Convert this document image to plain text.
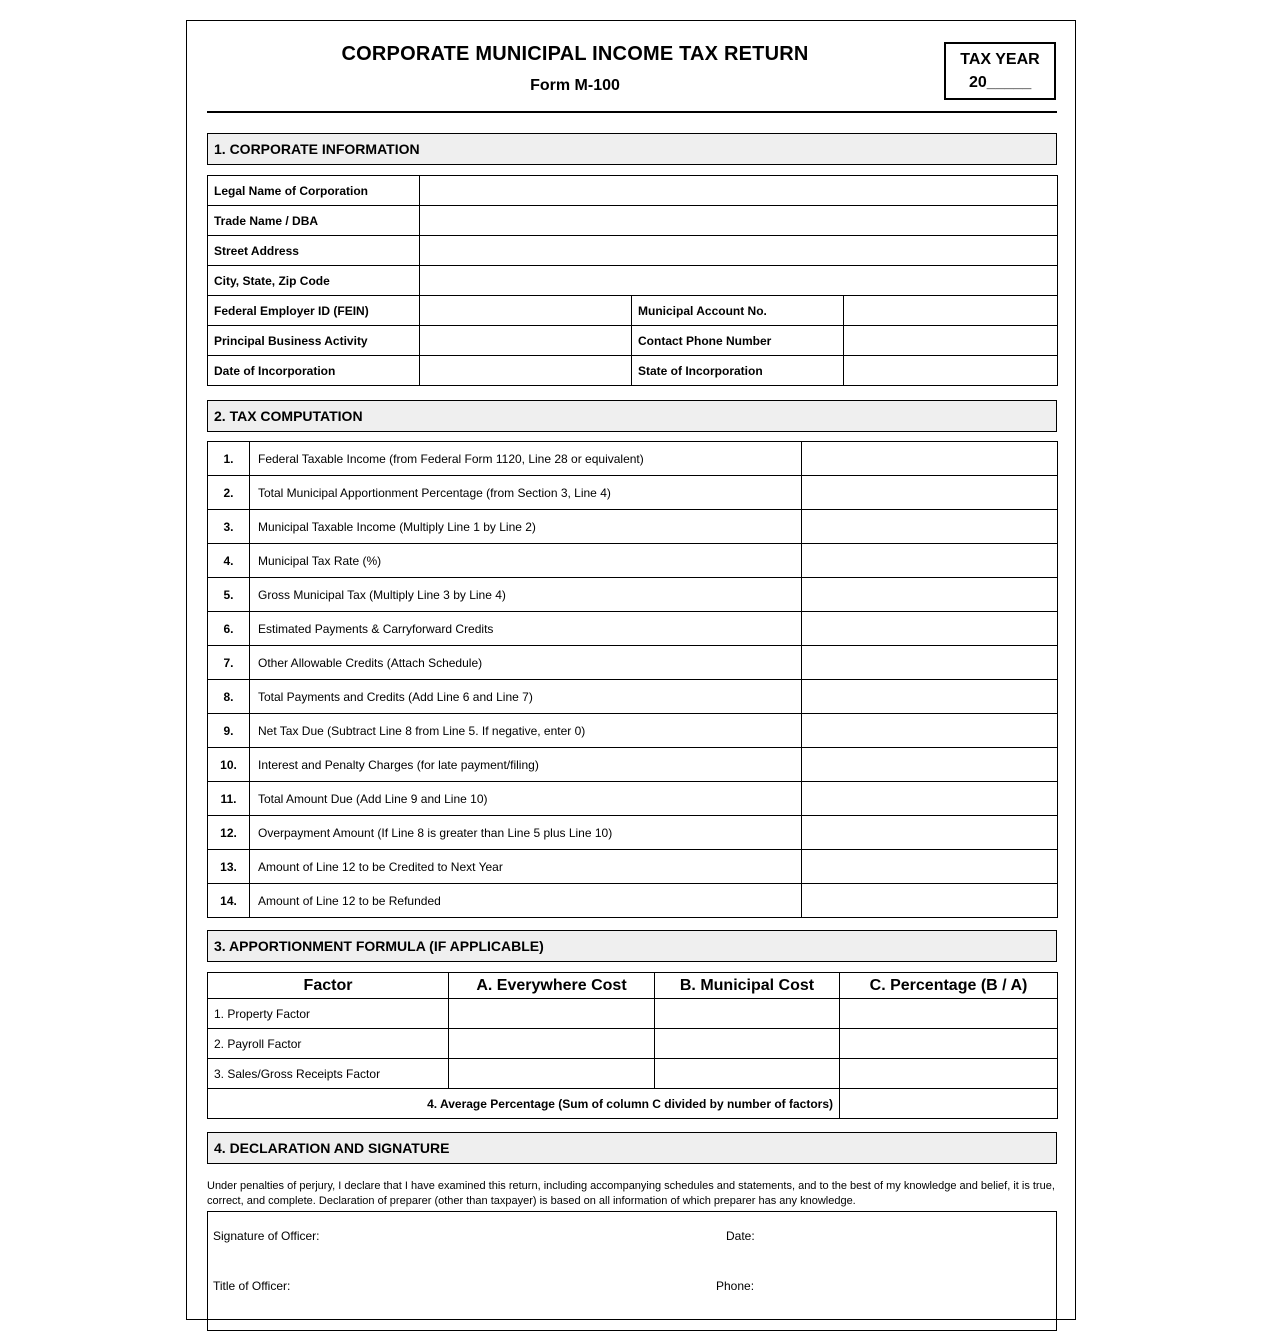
CORPORATE MUNICIPAL INCOME TAX RETURN
Form M-100
TAX YEAR
20_____
1. CORPORATE INFORMATION
Legal Name of Corporation			
Trade Name / DBA			
Street Address			
City, State, Zip Code			
Federal Employer ID (FEIN)		Municipal Account No.	
Principal Business Activity		Contact Phone Number	
Date of Incorporation		State of Incorporation	
2. TAX COMPUTATION
1.	Federal Taxable Income (from Federal Form 1120, Line 28 or equivalent)	
2.	Total Municipal Apportionment Percentage (from Section 3, Line 4)	
3.	Municipal Taxable Income (Multiply Line 1 by Line 2)	
4.	Municipal Tax Rate (%)	
5.	Gross Municipal Tax (Multiply Line 3 by Line 4)	
6.	Estimated Payments & Carryforward Credits	
7.	Other Allowable Credits (Attach Schedule)	
8.	Total Payments and Credits (Add Line 6 and Line 7)	
9.	Net Tax Due (Subtract Line 8 from Line 5. If negative, enter 0)	
10.	Interest and Penalty Charges (for late payment/filing)	
11.	Total Amount Due (Add Line 9 and Line 10)	
12.	Overpayment Amount (If Line 8 is greater than Line 5 plus Line 10)	
13.	Amount of Line 12 to be Credited to Next Year	
14.	Amount of Line 12 to be Refunded	
3. APPORTIONMENT FORMULA (IF APPLICABLE)
Factor	A. Everywhere Cost	B. Municipal Cost	C. Percentage (B / A)
1. Property Factor			
2. Payroll Factor			
3. Sales/Gross Receipts Factor			
4. Average Percentage (Sum of column C divided by number of factors)			
4. DECLARATION AND SIGNATURE
Under penalties of perjury, I declare that I have examined this return, including accompanying schedules and statements, and to the best of my knowledge and belief, it is true, correct, and complete. Declaration of preparer (other than taxpayer) is based on all information of which preparer has any knowledge.
Signature of Officer:	Date:
Title of Officer:	Phone:
